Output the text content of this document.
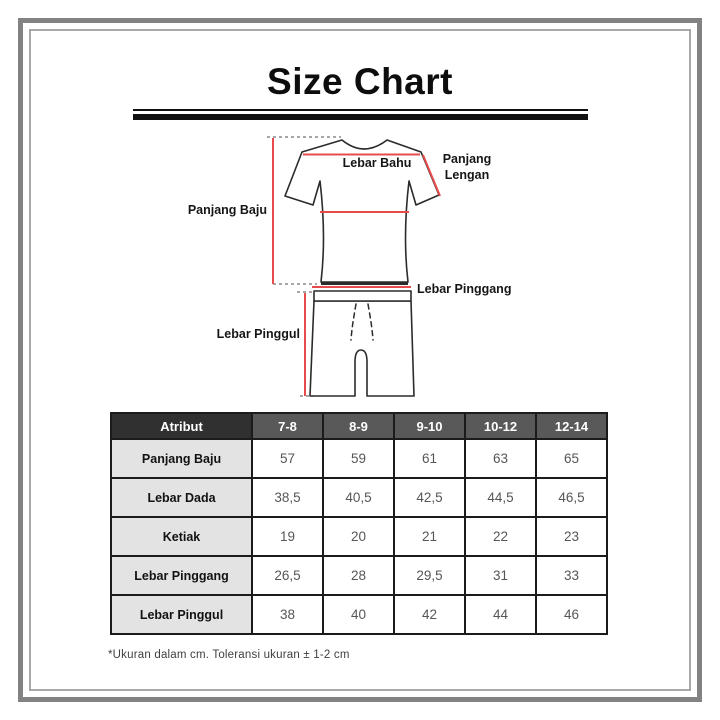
Size Chart
Lebar Bahu	Panjang
Lengan
Panjang Baju
Lebar Pinggang
Lebar Pinggul
Atribut	7-8	8-9	9-10	10-12	12-14
Panjang Baju	57	59	61	63	65
Lebar Dada	38,5	40,5	42,5	44,5	46,5
Ketiak	19	20	21	22	23
Lebar Pinggang	26,5	28	29,5	31	33
Lebar Pinggul	38	40	42	44	46
*Ukuran dalam cm. Toleransi ukuran ± 1-2 cm
